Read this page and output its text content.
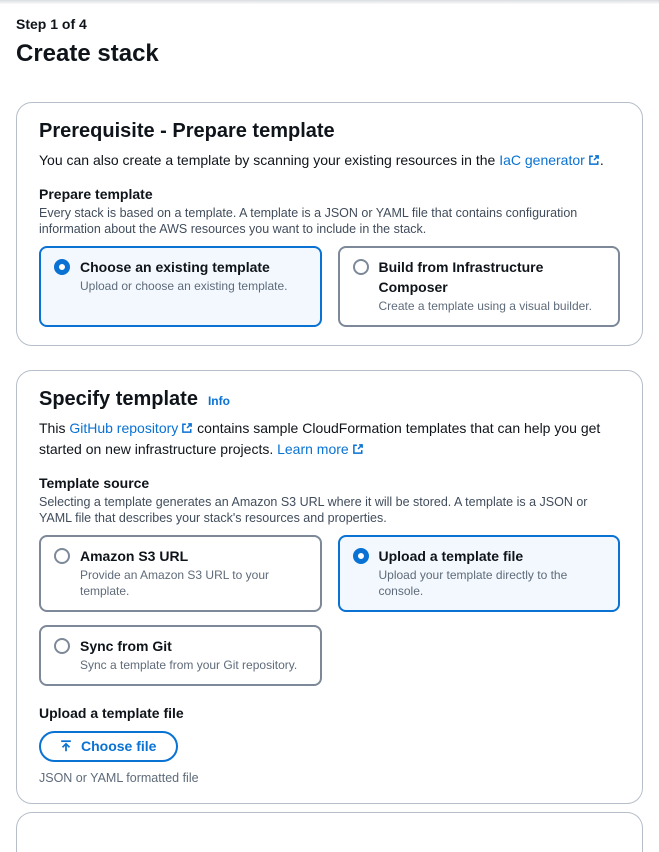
Step 1 of 4
Create stack
Prerequisite - Prepare template

You can also create a template by scanning your existing resources in the IaC generator .

Prepare template
Every stack is based on a template. A template is a JSON or YAML file that contains configuration information about the AWS resources you want to include in the stack.
Choose an existing template
Upload or choose an existing template.
Build from Infrastructure Composer
Create a template using a visual builder.
Specify template Info

This GitHub repository contains sample CloudFormation templates that can help you get started on new infrastructure projects. Learn more

Template source
Selecting a template generates an Amazon S3 URL where it will be stored. A template is a JSON or YAML file that describes your stack's resources and properties.
Amazon S3 URL
Provide an Amazon S3 URL to your template.
Upload a template file
Upload your template directly to the console.
Sync from Git
Sync a template from your Git repository.
Upload a template file
Choose file
JSON or YAML formatted file
